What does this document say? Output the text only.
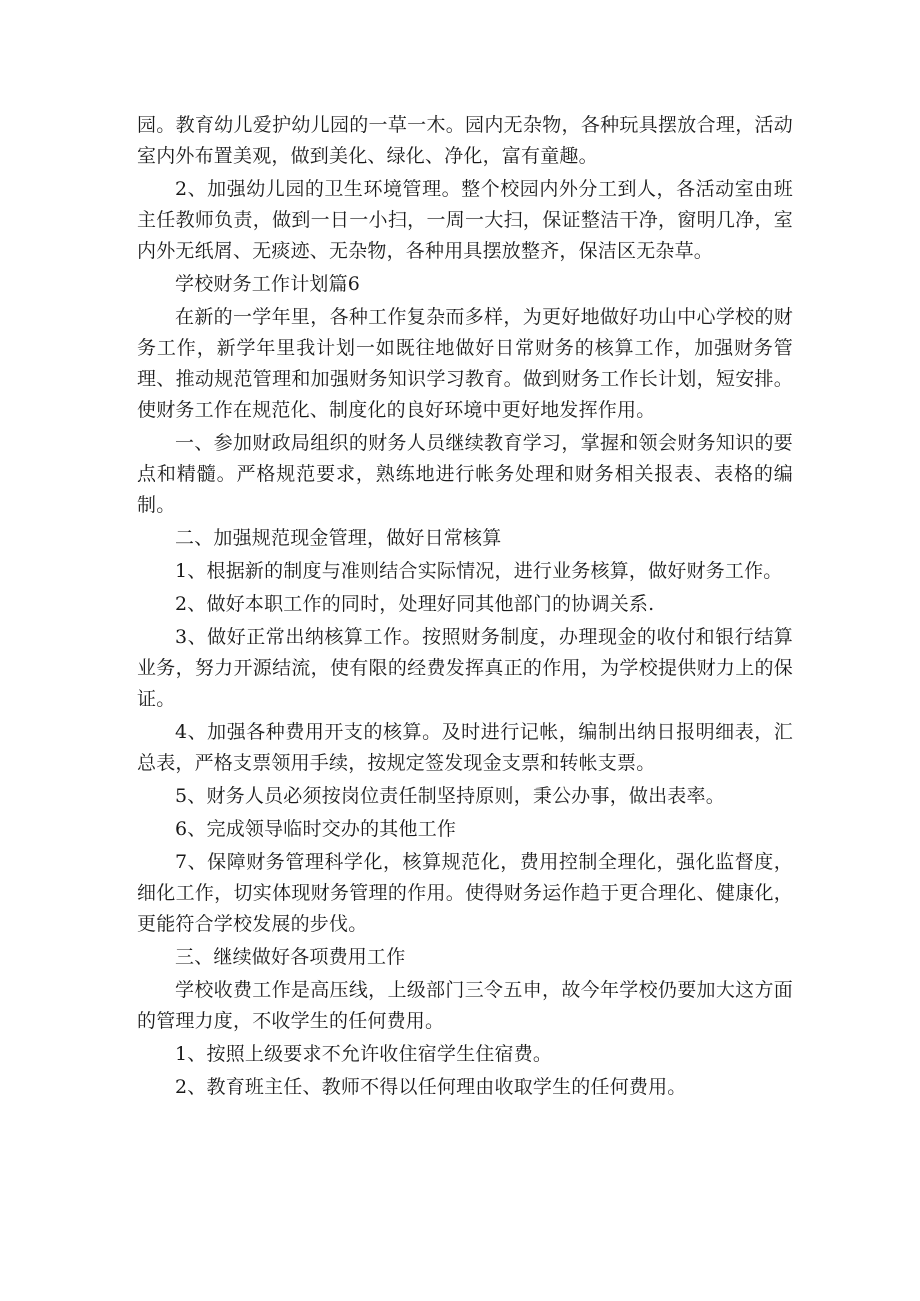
园。教育幼儿爱护幼儿园的一草一木。园内无杂物，各种玩具摆放合理，活动室内外布置美观，做到美化、绿化、净化，富有童趣。

2、加强幼儿园的卫生环境管理。整个校园内外分工到人，各活动室由班主任教师负责，做到一日一小扫，一周一大扫，保证整洁干净，窗明几净，室内外无纸屑、无痰迹、无杂物，各种用具摆放整齐，保洁区无杂草。

学校财务工作计划篇6

在新的一学年里，各种工作复杂而多样，为更好地做好功山中心学校的财务工作，新学年里我计划一如既往地做好日常财务的核算工作，加强财务管理、推动规范管理和加强财务知识学习教育。做到财务工作长计划，短安排。使财务工作在规范化、制度化的良好环境中更好地发挥作用。

一、参加财政局组织的财务人员继续教育学习，掌握和领会财务知识的要点和精髓。严格规范要求，熟练地进行帐务处理和财务相关报表、表格的编制。

二、加强规范现金管理，做好日常核算

1、根据新的制度与准则结合实际情况，进行业务核算，做好财务工作。

2、做好本职工作的同时，处理好同其他部门的协调关系.

3、做好正常出纳核算工作。按照财务制度，办理现金的收付和银行结算业务，努力开源结流，使有限的经费发挥真正的作用，为学校提供财力上的保证。

4、加强各种费用开支的核算。及时进行记帐，编制出纳日报明细表，汇总表，严格支票领用手续，按规定签发现金支票和转帐支票。

5、财务人员必须按岗位责任制坚持原则，秉公办事，做出表率。

6、完成领导临时交办的其他工作

7、保障财务管理科学化，核算规范化，费用控制全理化，强化监督度，细化工作，切实体现财务管理的作用。使得财务运作趋于更合理化、健康化，更能符合学校发展的步伐。

三、继续做好各项费用工作

学校收费工作是高压线，上级部门三令五申，故今年学校仍要加大这方面的管理力度，不收学生的任何费用。

1、按照上级要求不允许收住宿学生住宿费。

2、教育班主任、教师不得以任何理由收取学生的任何费用。
